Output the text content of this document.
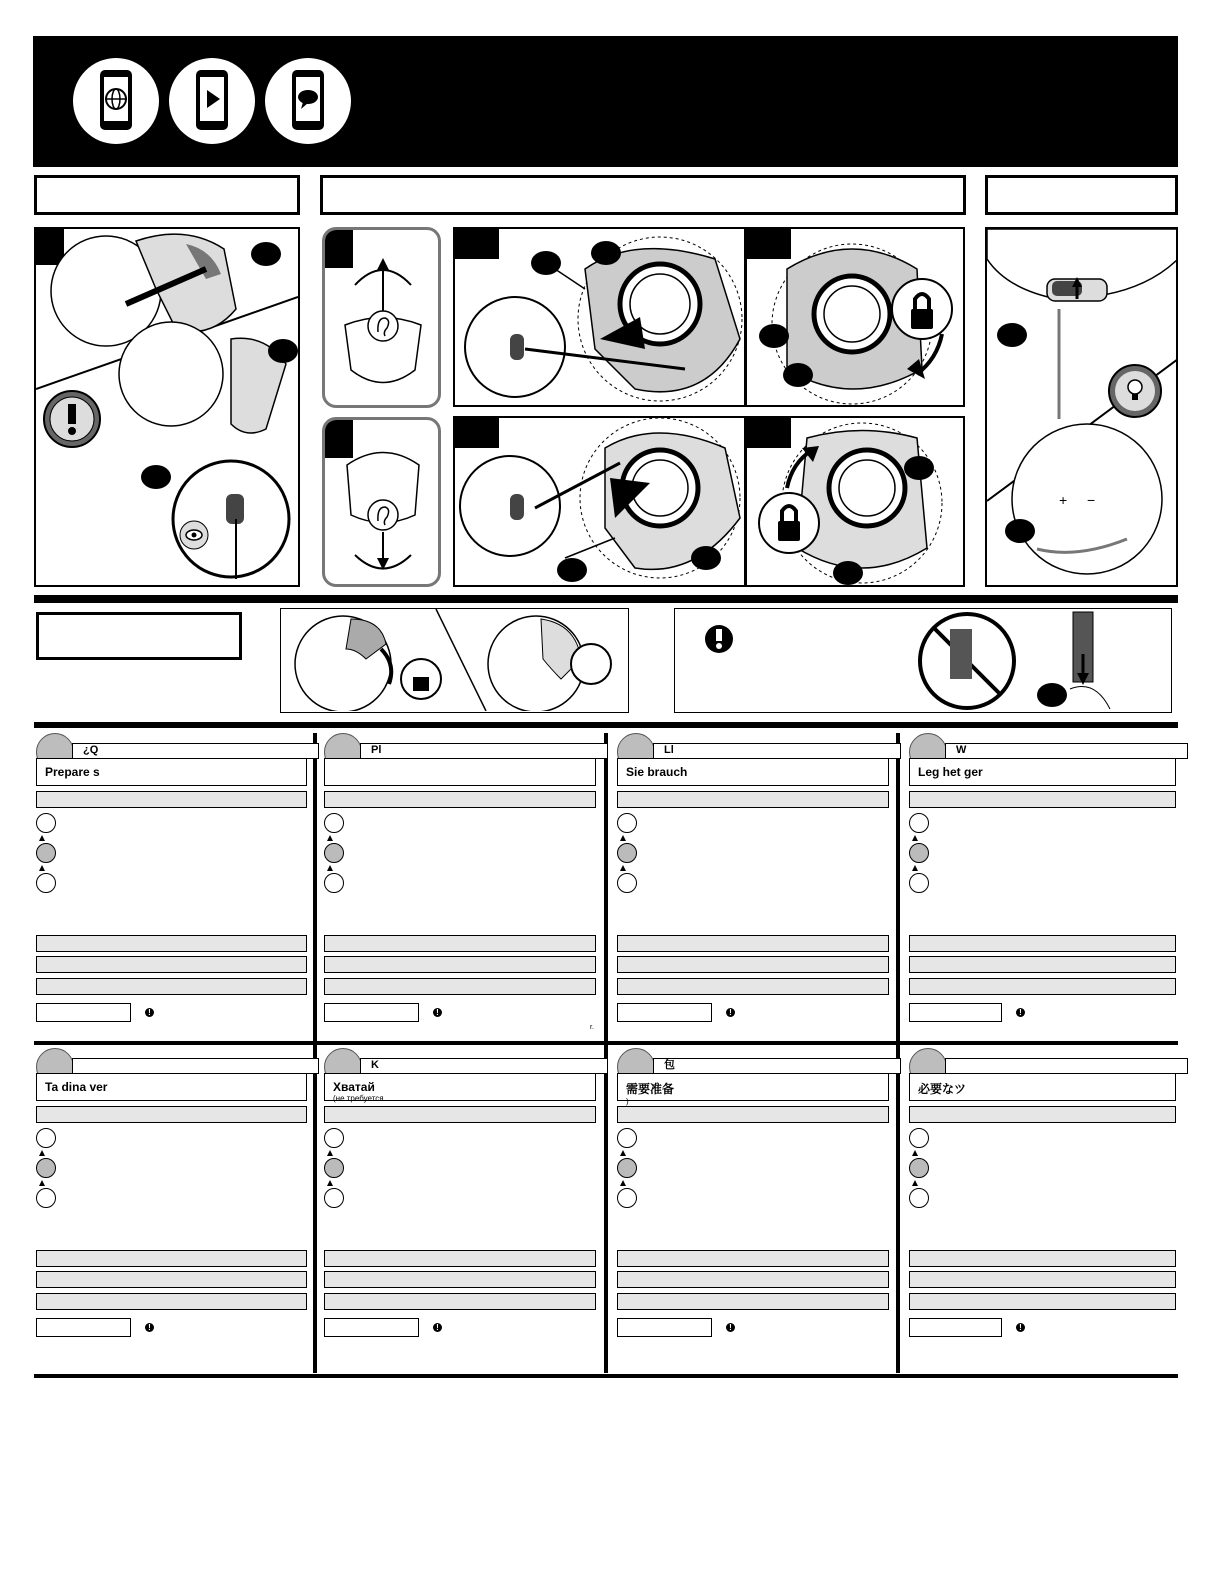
+ −
¿Q
Prepare s
!
Pl
!
Ll
Sie brauch
!
W
Leg het ger
!
Ta dina ver
!
K
Хватай
(не требуется
!
包
需要准备
)
!
必要なツ
!
r.
